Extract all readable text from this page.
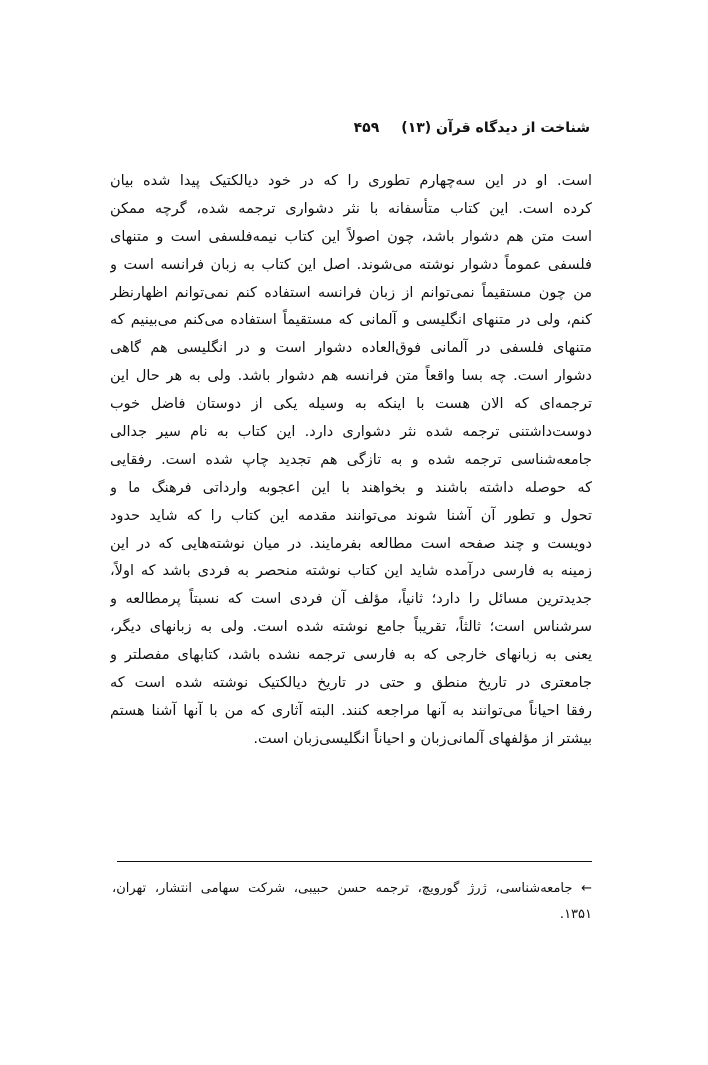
شناخت از دیدگاه قرآن (۱۳)۴۵۹
است. او در این سه‌چهارم تطوری را که در خود دیالکتیک پیدا شده بیان
کرده است. این کتاب متأسفانه با نثر دشواری ترجمه شده، گرچه ممکن
است متن هم دشوار باشد، چون اصولاً این کتاب نیمه‌فلسفی است و متنهای
فلسفی عموماً دشوار نوشته می‌شوند. اصل این کتاب به زبان فرانسه است و
من چون مستقیماً نمی‌توانم از زبان فرانسه استفاده کنم نمی‌توانم اظهارنظر
کنم، ولی در متنهای انگلیسی و آلمانی که مستقیماً استفاده می‌کنم می‌بینیم که
متنهای فلسفی در آلمانی فوق‌العاده دشوار است و در انگلیسی هم گاهی
دشوار است. چه بسا واقعاً متن فرانسه هم دشوار باشد. ولی به هر حال این
ترجمه‌ای که الان هست با اینکه به وسیله یکی از دوستان فاضل خوب
دوست‌داشتنی ترجمه شده نثر دشواری دارد. این کتاب به نام سیر جدالی
جامعه‌شناسی ترجمه شده و به تازگی هم تجدید چاپ شده است. رفقایی
که حوصله داشته باشند و بخواهند با این اعجوبه وارداتی فرهنگ ما و
تحول و تطور آن آشنا شوند می‌توانند مقدمه این کتاب را که شاید حدود
دویست و چند صفحه است مطالعه بفرمایند. در میان نوشته‌هایی که در این
زمینه به فارسی درآمده شاید این کتاب نوشته منحصر به فردی باشد که اولاً،
جدیدترین مسائل را دارد؛ ثانیاً، مؤلف آن فردی است که نسبتاً پرمطالعه و
سرشناس است؛ ثالثاً، تقریباً جامع نوشته شده است. ولی به زبانهای دیگر،
یعنی به زبانهای خارجی که به فارسی ترجمه نشده باشد، کتابهای مفصلتر و
جامعتری در تاریخ منطق و حتی در تاریخ دیالکتیک نوشته شده است که
رفقا احیاناً می‌توانند به آنها مراجعه کنند. البته آثاری که من با آنها آشنا هستم
بیشتر از مؤلفهای آلمانی‌زبان و احیاناً انگلیسی‌زبان است.
← جامعه‌شناسی، ژرژ گورویچ، ترجمه حسن حبیبی، شرکت سهامی انتشار، تهران،
۱۳۵۱.
